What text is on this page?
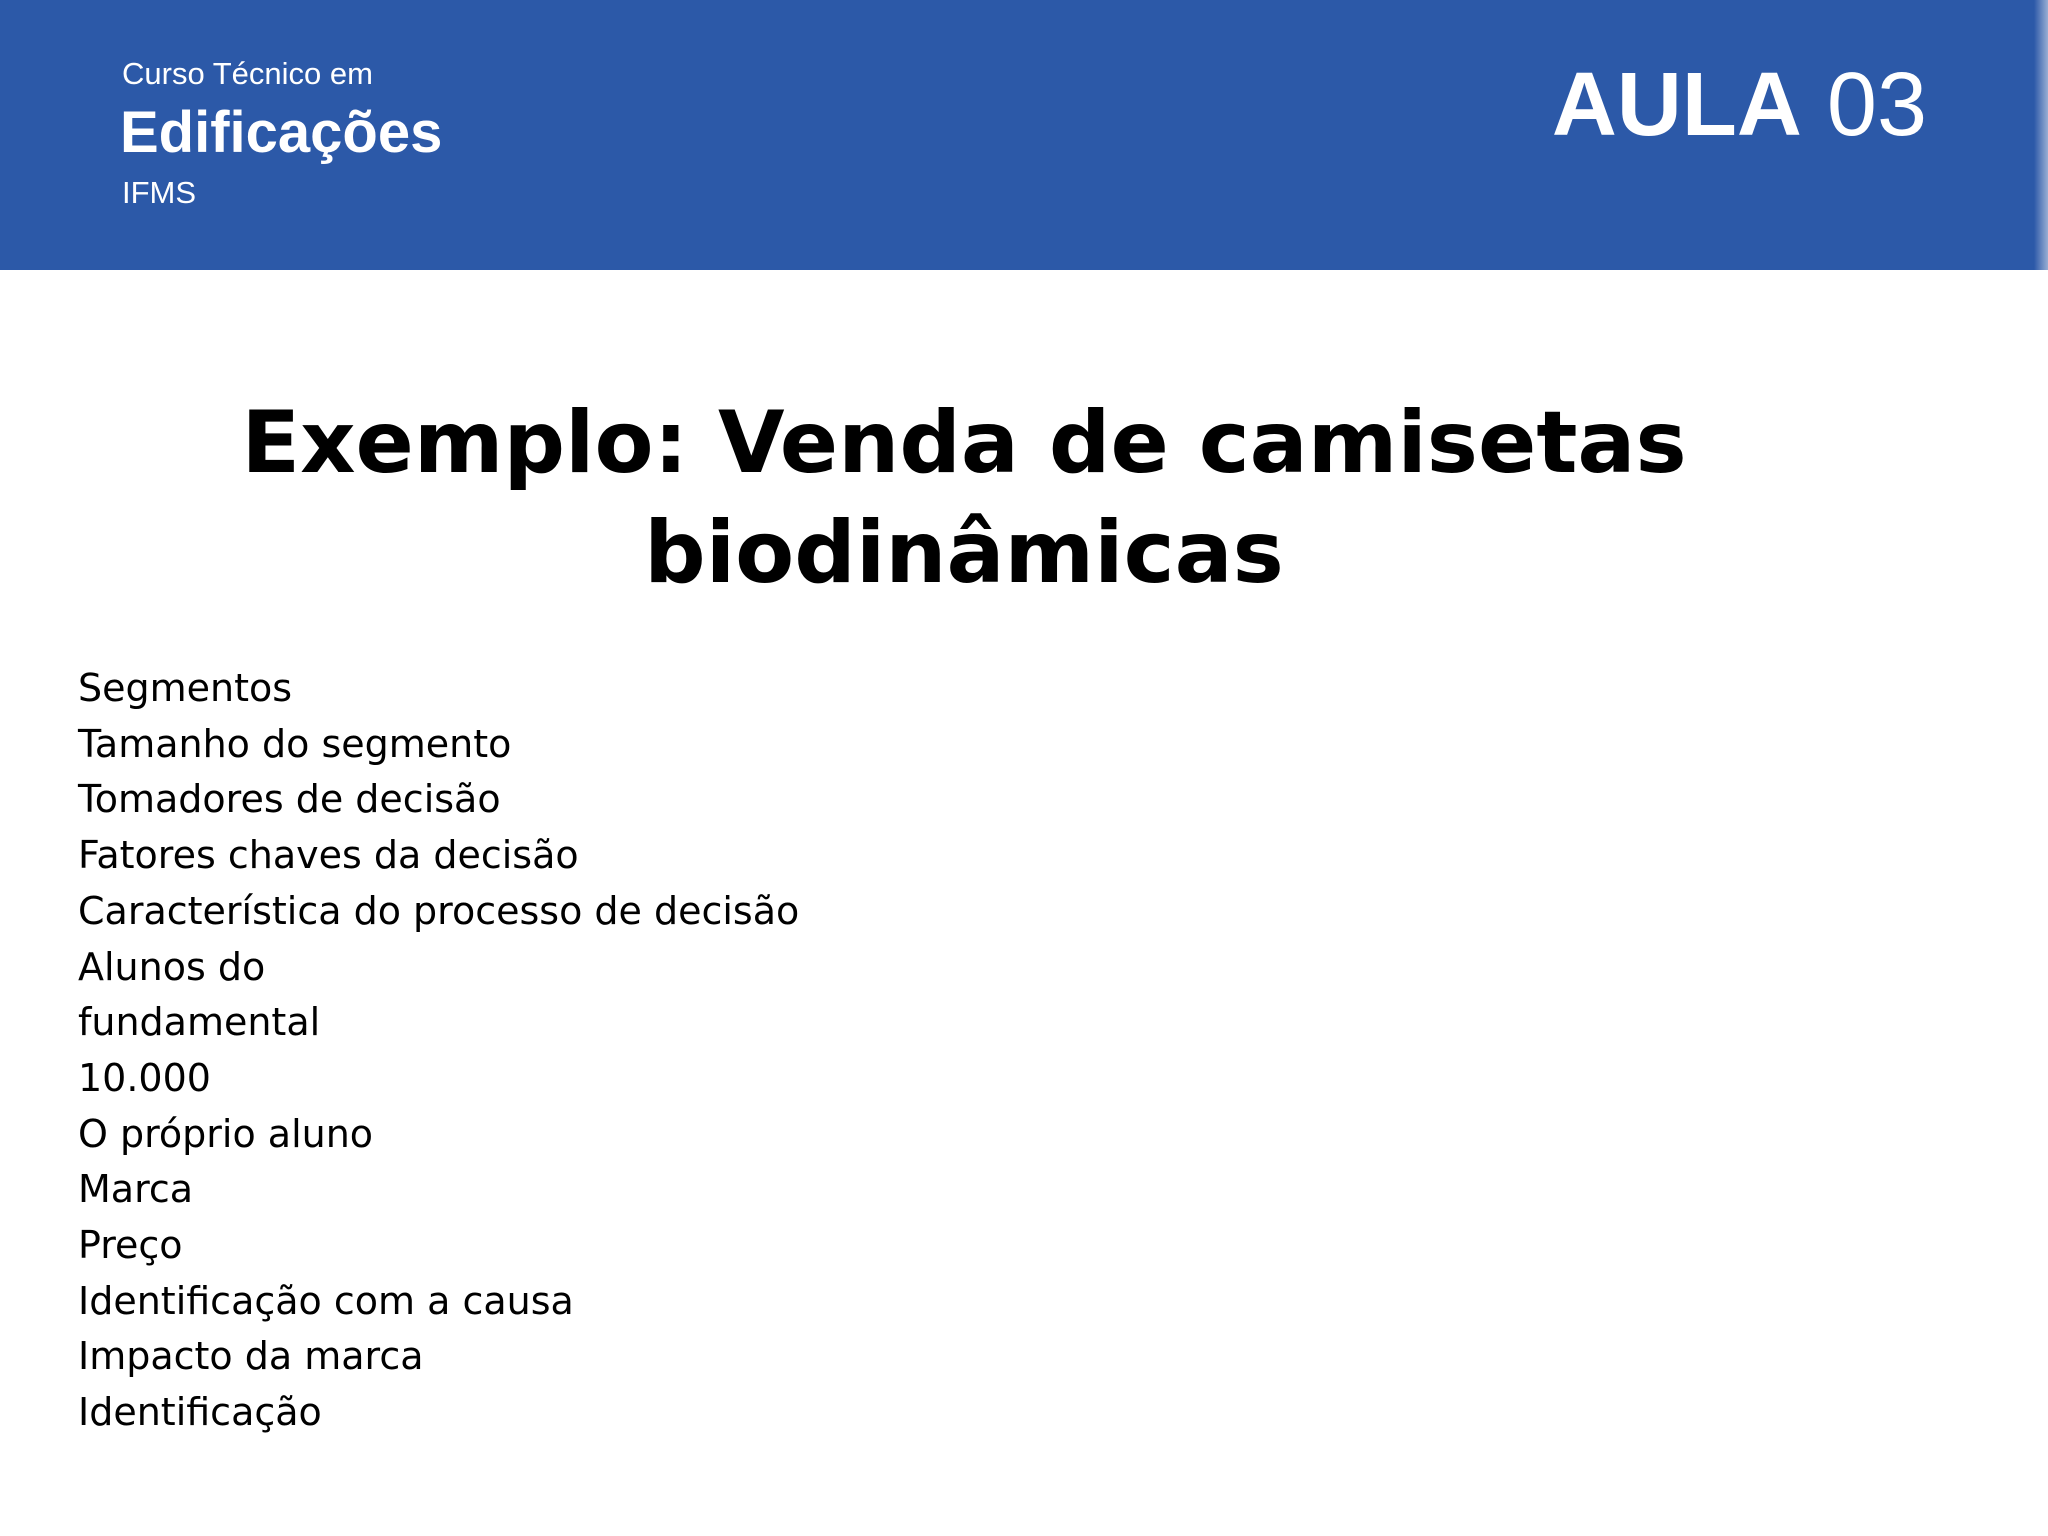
Curso Técnico em
Edificações
IFMS
AULA 03
Exemplo: Venda de camisetas
biodinâmicas
Segmentos
Tamanho do segmento
Tomadores de decisão
Fatores chaves da decisão
Característica do processo de decisão
Alunos do
fundamental
10.000
O próprio aluno
Marca
Preço
Identificação com a causa
Impacto da marca
Identificação
